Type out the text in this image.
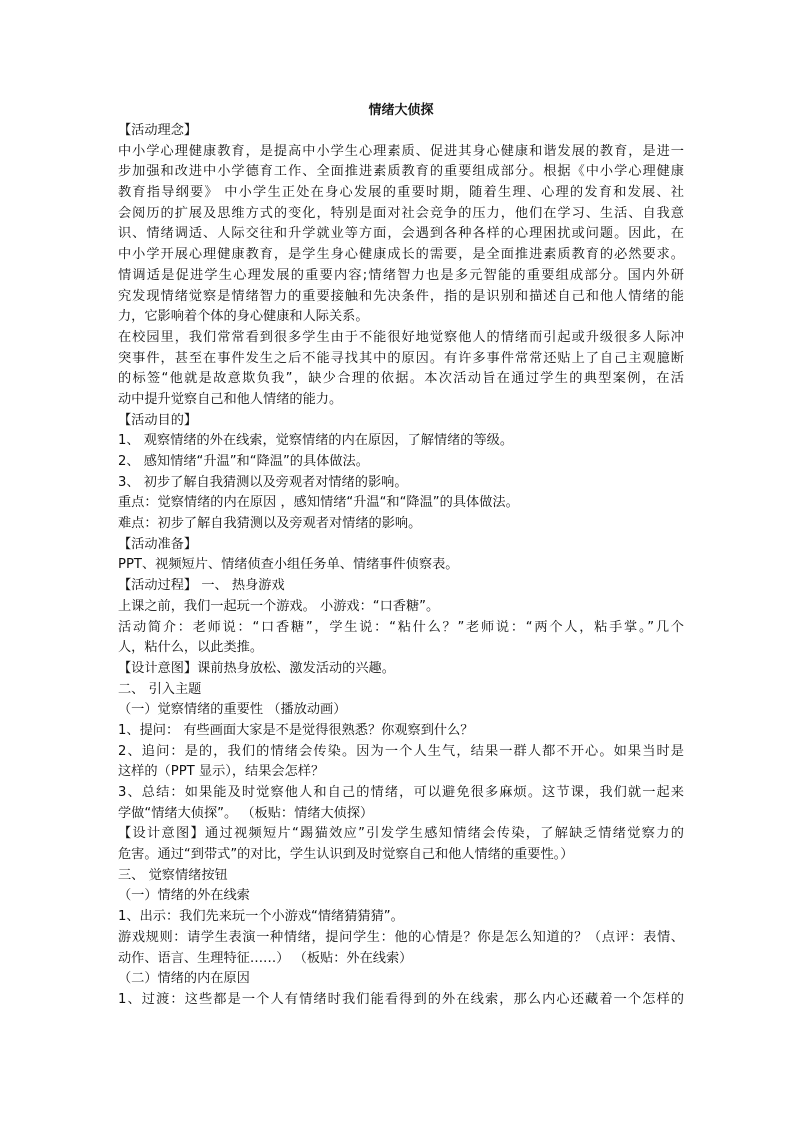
情绪大侦探
【活动理念】
中小学心理健康教育，是提高中小学生心理素质、促进其身心健康和谐发展的教育，是进一
步加强和改进中小学德育工作、全面推进素质教育的重要组成部分。根据《中小学心理健康
教育指导纲要》 中小学生正处在身心发展的重要时期，随着生理、心理的发育和发展、社
会阅历的扩展及思维方式的变化，特别是面对社会竞争的压力，他们在学习、生活、自我意
识、情绪调适、人际交往和升学就业等方面，会遇到各种各样的心理困扰或问题。因此，在
中小学开展心理健康教育，是学生身心健康成长的需要，是全面推进素质教育的必然要求。
情调适是促进学生心理发展的重要内容;情绪智力也是多元智能的重要组成部分。国内外研
究发现情绪觉察是情绪智力的重要接触和先决条件，指的是识别和描述自己和他人情绪的能
力，它影响着个体的身心健康和人际关系。
在校园里，我们常常看到很多学生由于不能很好地觉察他人的情绪而引起或升级很多人际冲
突事件，甚至在事件发生之后不能寻找其中的原因。有许多事件常常还贴上了自己主观臆断
的标签“他就是故意欺负我”，缺少合理的依据。本次活动旨在通过学生的典型案例，在活
动中提升觉察自己和他人情绪的能力。
【活动目的】
1、 观察情绪的外在线索，觉察情绪的内在原因，了解情绪的等级。
2、 感知情绪“升温”和“降温”的具体做法。
3、 初步了解自我猜测以及旁观者对情绪的影响。
重点：觉察情绪的内在原因 ，感知情绪“升温“和“降温”的具体做法。
难点：初步了解自我猜测以及旁观者对情绪的影响。
【活动准备】
PPT、视频短片、情绪侦查小组任务单、情绪事件侦察表。
【活动过程】 一、 热身游戏
上课之前，我们一起玩一个游戏。 小游戏：“口香糖”。
活动简介：老师说：“口香糖”，学生说：“粘什么？”老师说：“两个人，粘手掌。”几个
人，粘什么，以此类推。
【设计意图】课前热身放松、激发活动的兴趣。
二、 引入主题
（一）觉察情绪的重要性 （播放动画）
1、提问： 有些画面大家是不是觉得很熟悉？你观察到什么？
2、追问：是的，我们的情绪会传染。因为一个人生气，结果一群人都不开心。如果当时是
这样的（PPT 显示），结果会怎样？
3、总结：如果能及时觉察他人和自己的情绪，可以避免很多麻烦。这节课，我们就一起来
学做“情绪大侦探”。 （板贴：情绪大侦探）
【设计意图】通过视频短片“踢猫效应”引发学生感知情绪会传染，了解缺乏情绪觉察力的
危害。通过“到带式”的对比，学生认识到及时觉察自己和他人情绪的重要性。）
三、 觉察情绪按钮
（一）情绪的外在线索
1、出示：我们先来玩一个小游戏“情绪猜猜猜”。
游戏规则：请学生表演一种情绪，提问学生：他的心情是？你是怎么知道的？（点评：表情、
动作、语言、生理特征……） （板贴：外在线索）
（二）情绪的内在原因
1、过渡：这些都是一个人有情绪时我们能看得到的外在线索，那么内心还藏着一个怎样的
